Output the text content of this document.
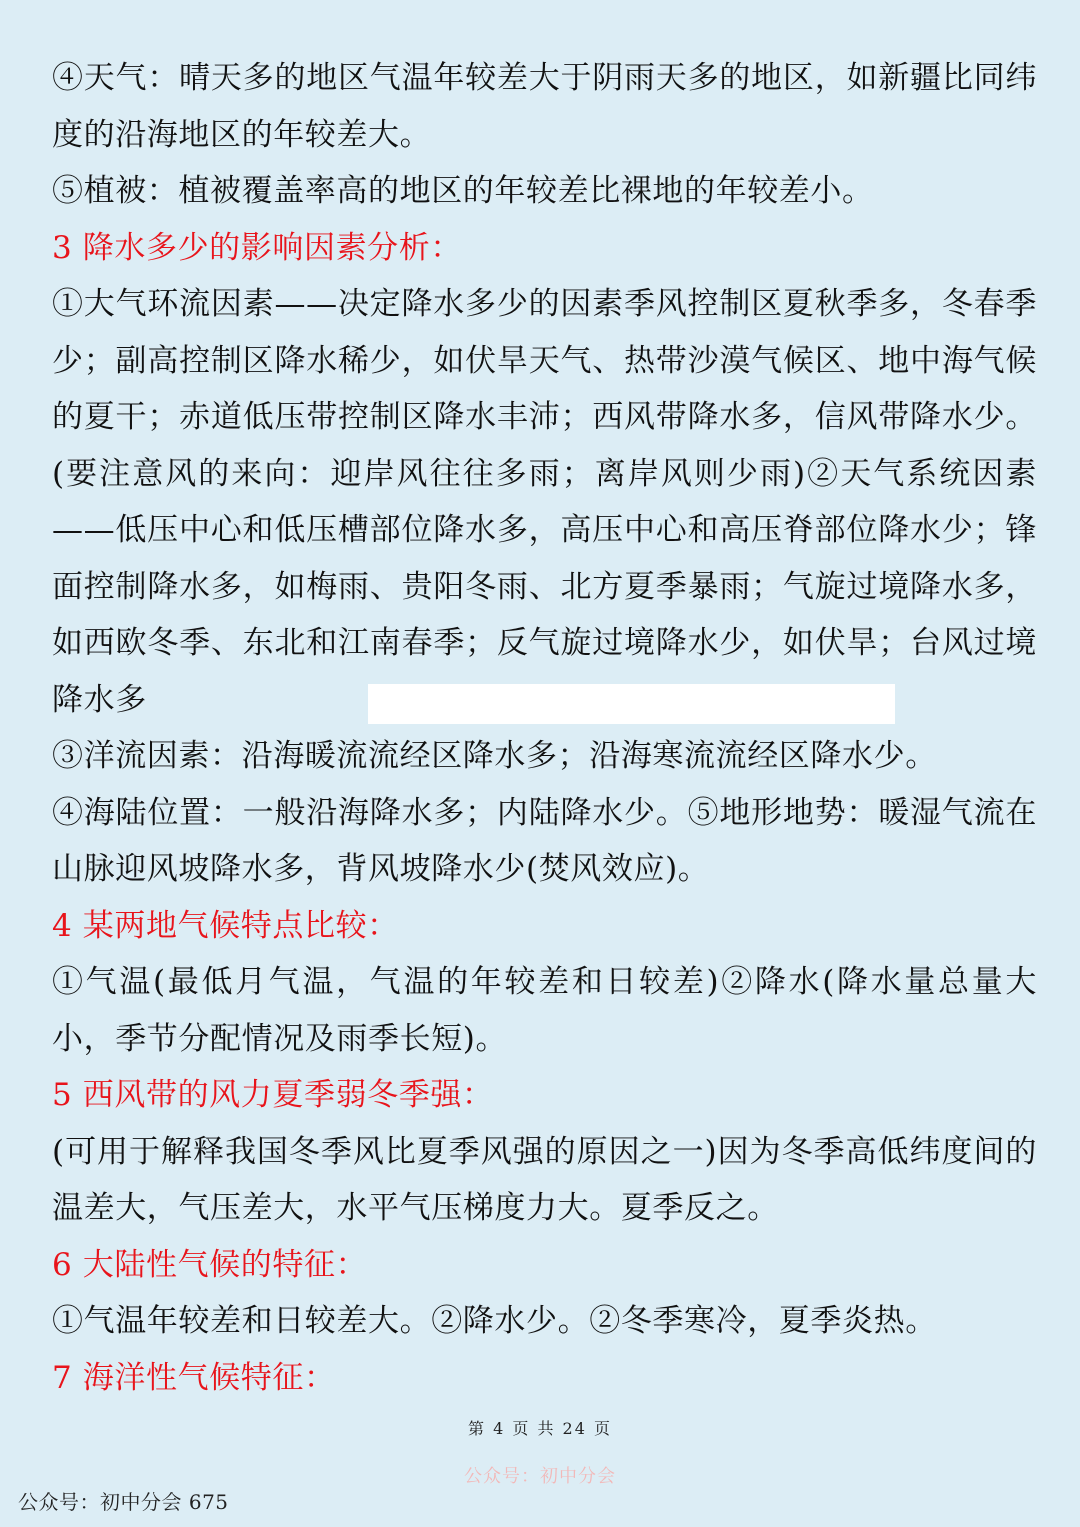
④天气：晴天多的地区气温年较差大于阴雨天多的地区，如新疆比同纬度的沿海地区的年较差大。

⑤植被：植被覆盖率高的地区的年较差比裸地的年较差小。

3 降水多少的影响因素分析：

①大气环流因素——决定降水多少的因素季风控制区夏秋季多，冬春季少；副高控制区降水稀少，如伏旱天气、热带沙漠气候区、地中海气候的夏干；赤道低压带控制区降水丰沛；西风带降水多，信风带降水少。(要注意风的来向：迎岸风往往多雨；离岸风则少雨)②天气系统因素——低压中心和低压槽部位降水多，高压中心和高压脊部位降水少；锋面控制降水多，如梅雨、贵阳冬雨、北方夏季暴雨；气旋过境降水多，如西欧冬季、东北和江南春季；反气旋过境降水少，如伏旱；台风过境降水多

③洋流因素：沿海暖流流经区降水多；沿海寒流流经区降水少。

④海陆位置：一般沿海降水多；内陆降水少。⑤地形地势：暖湿气流在山脉迎风坡降水多，背风坡降水少(焚风效应)。

4 某两地气候特点比较：

①气温(最低月气温，气温的年较差和日较差)②降水(降水量总量大小，季节分配情况及雨季长短)。

5 西风带的风力夏季弱冬季强：

(可用于解释我国冬季风比夏季风强的原因之一)因为冬季高低纬度间的温差大，气压差大，水平气压梯度力大。夏季反之。

6 大陆性气候的特征：

①气温年较差和日较差大。②降水少。②冬季寒冷，夏季炎热。

7 海洋性气候特征：

第 4 页 共 24 页
公众号：初中分会
公众号：初中分会 675
